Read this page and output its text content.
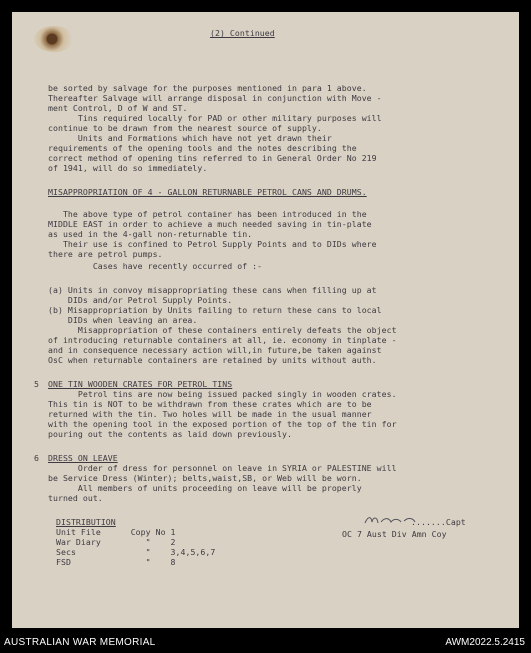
(2) Continued
be sorted by salvage for the purposes mentioned in para 1 above.
Thereafter Salvage will arrange disposal in conjunction with Move -
ment Control, D of W and ST.
Tins required locally for PAD or other military purposes will
continue to be drawn from the nearest source of supply.
Units and Formations which have not yet drawn their
requirements of the opening tools and the notes describing the
correct method of opening tins referred to in General Order No 219
of 1941, will do so immediately.
MISAPPROPRIATION OF 4 - GALLON RETURNABLE PETROL CANS AND DRUMS.
The above type of petrol container has been introduced in the
MIDDLE EAST in order to achieve a much needed saving in tin-plate
as used in the 4-gall non-returnable tin.
Their use is confined to Petrol Supply Points and to DIDs where
there are petrol pumps.
Cases have recently occurred of :-
(a) Units in convoy misappropriating these cans when filling up at
DIDs and/or Petrol Supply Points.
(b) Misappropriation by Units failing to return these cans to local
DIDs when leaving an area.
Misappropriation of these containers entirely defeats the object
of introducing returnable containers at all, ie. economy in tinplate -
and in consequence necessary action will,in future,be taken against
OsC when returnable containers are retained by units without auth.
5 ONE TIN WOODEN CRATES FOR PETROL TINS
Petrol tins are now being issued packed singly in wooden crates.
This tin is NOT to be withdrawn from these crates which are to be
returned with the tin. Two holes will be made in the usual manner
with the opening tool in the exposed portion of the top of the tin for
pouring out the contents as laid down previously.
6 DRESS ON LEAVE
Order of dress for personnel on leave in SYRIA or PALESTINE will
be Service Dress (Winter); belts,waist,SB, or Web will be worn.
All members of units proceeding on leave will be properly
turned out.
DISTRIBUTION
Unit File      Copy No 1
War Diary         "    2
Secs              "    3,4,5,6,7
FSD               "    8
.......Capt
OC 7 Aust Div Amn Coy
AUSTRALIAN WAR MEMORIAL	AWM2022.5.2415
